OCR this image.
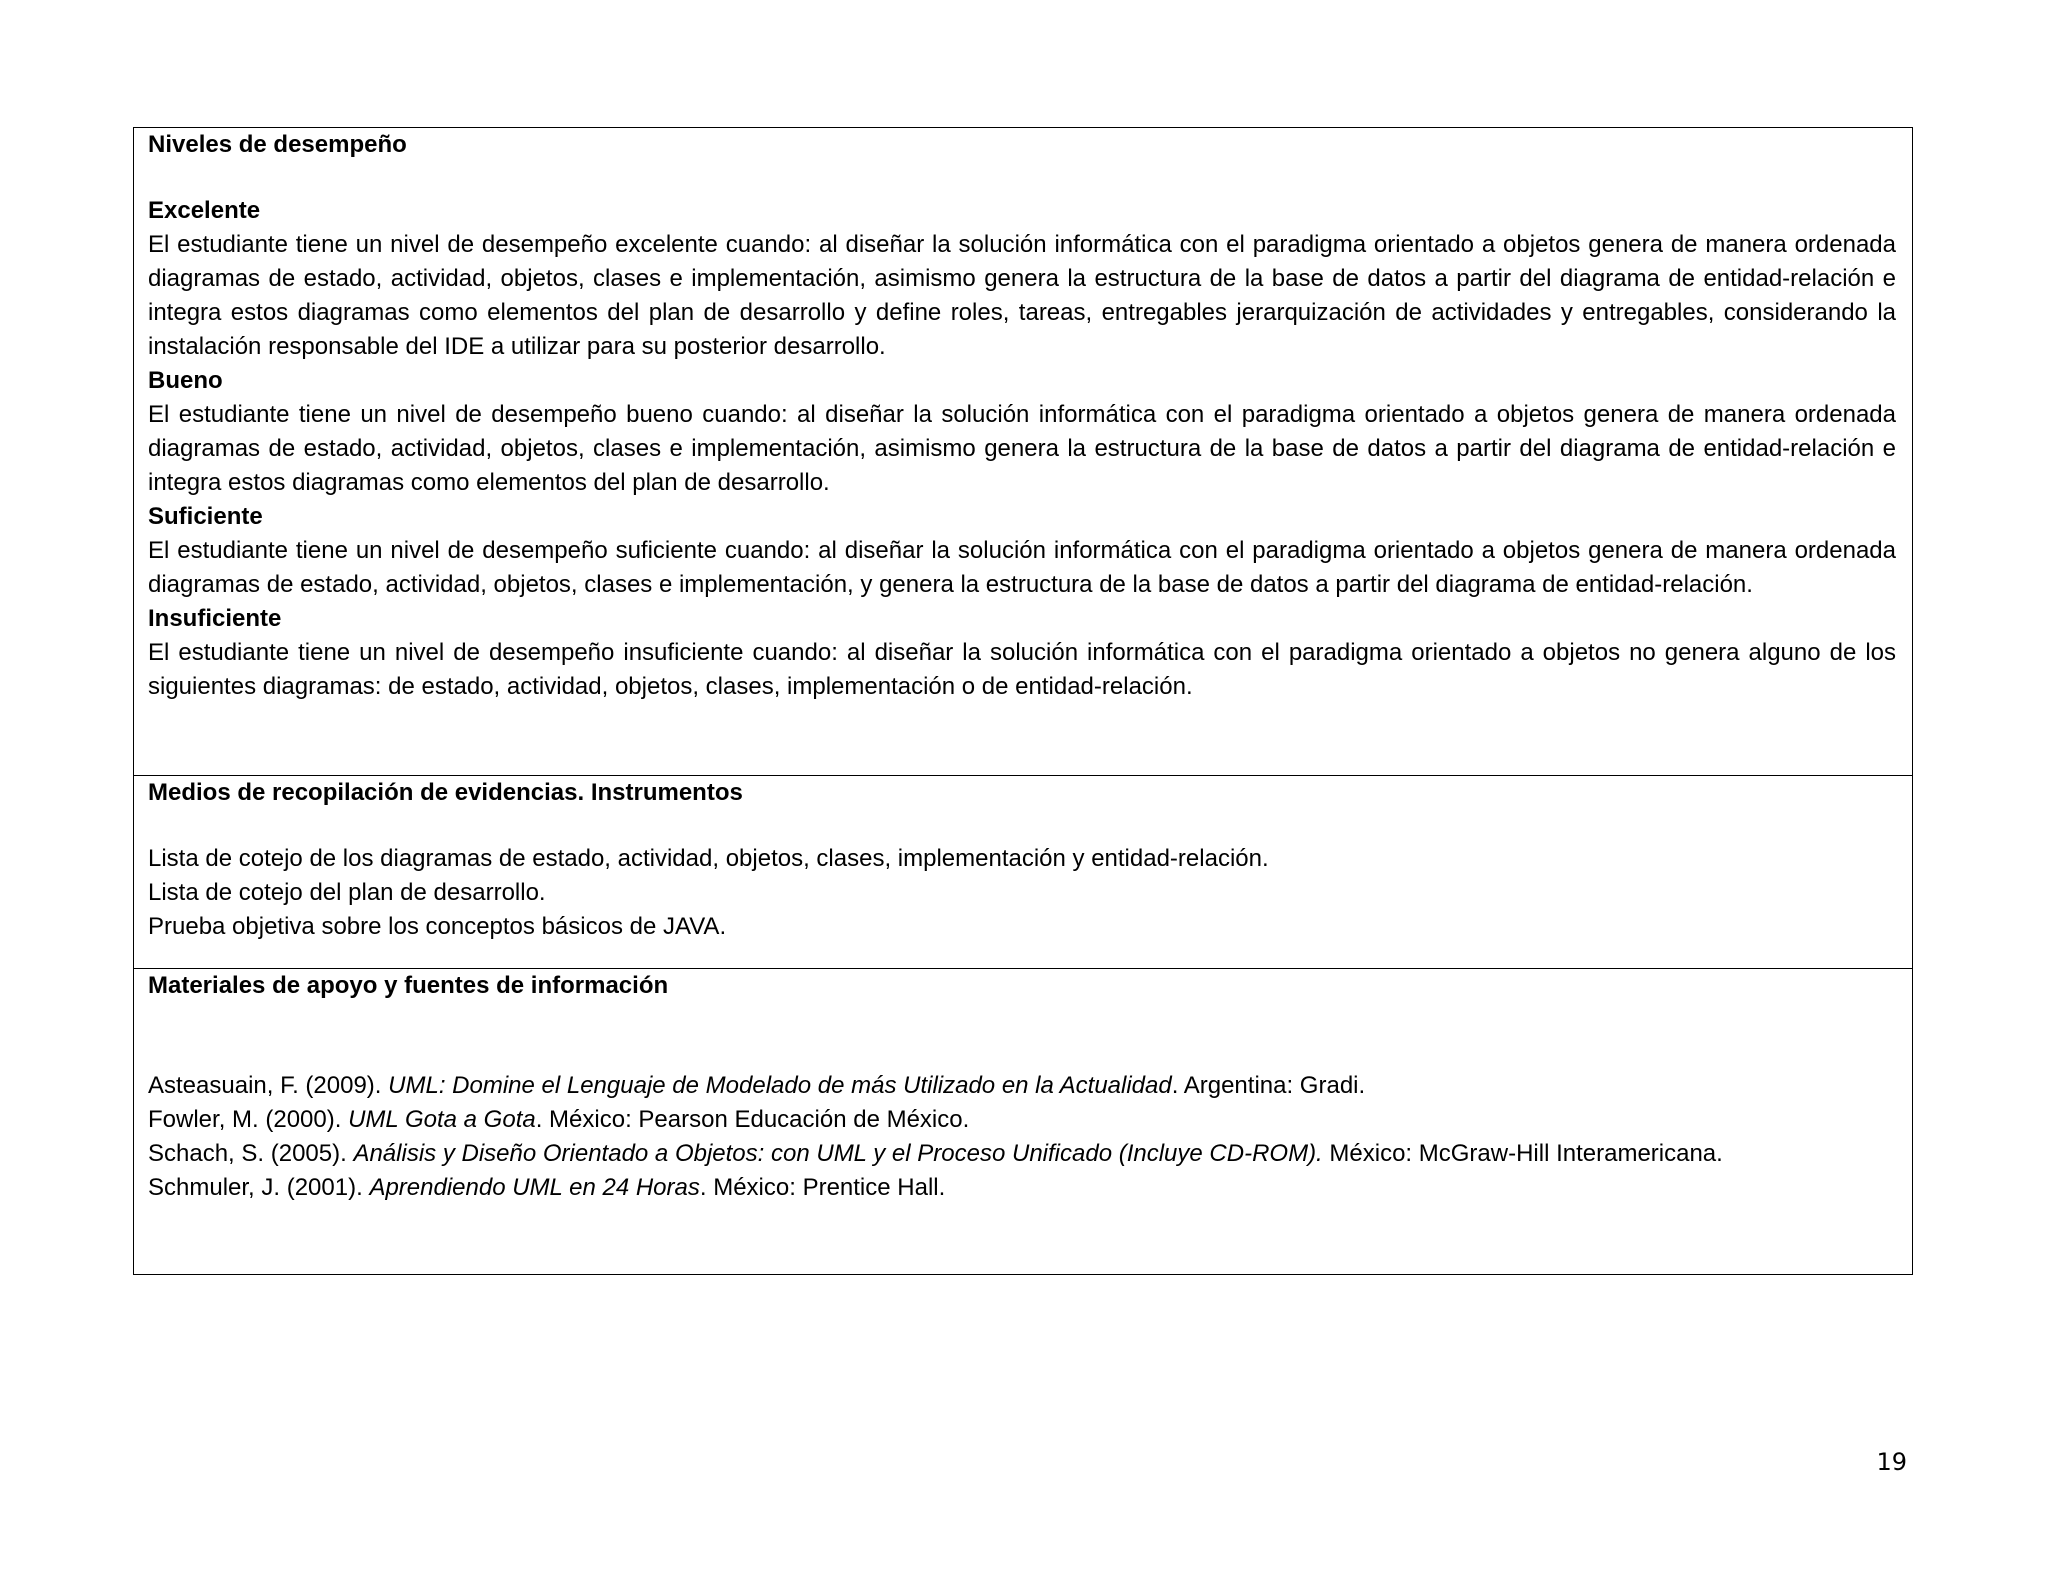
Niveles de desempeño
Excelente
El estudiante tiene un nivel de desempeño excelente cuando: al diseñar la solución informática con el paradigma orientado a objetos genera de manera ordenada diagramas de estado, actividad, objetos, clases e implementación, asimismo genera la estructura de la base de datos a partir del diagrama de entidad-relación e integra estos diagramas como elementos del plan de desarrollo y define roles, tareas, entregables jerarquización de actividades y entregables, considerando la instalación responsable del IDE a utilizar para su posterior desarrollo.
Bueno
El estudiante tiene un nivel de desempeño bueno cuando: al diseñar la solución informática con el paradigma orientado a objetos genera de manera ordenada diagramas de estado, actividad, objetos, clases e implementación, asimismo genera la estructura de la base de datos a partir del diagrama de entidad-relación e integra estos diagramas como elementos del plan de desarrollo.
Suficiente
El estudiante tiene un nivel de desempeño suficiente cuando: al diseñar la solución informática con el paradigma orientado a objetos genera de manera ordenada diagramas de estado, actividad, objetos, clases e implementación, y genera la estructura de la base de datos a partir del diagrama de entidad-relación.
Insuficiente
El estudiante tiene un nivel de desempeño insuficiente cuando: al diseñar la solución informática con el paradigma orientado a objetos no genera alguno de los siguientes diagramas: de estado, actividad, objetos, clases, implementación o de entidad-relación.
Medios de recopilación de evidencias. Instrumentos
Lista de cotejo de los diagramas de estado, actividad, objetos, clases, implementación y entidad-relación.
Lista de cotejo del plan de desarrollo.
Prueba objetiva sobre los conceptos básicos de JAVA.
Materiales de apoyo y fuentes de información
Asteasuain, F. (2009). UML: Domine el Lenguaje de Modelado de más Utilizado en la Actualidad. Argentina: Gradi.
Fowler, M. (2000). UML Gota a Gota. México: Pearson Educación de México.
Schach, S. (2005). Análisis y Diseño Orientado a Objetos: con UML y el Proceso Unificado (Incluye CD-ROM). México: McGraw-Hill Interamericana.
Schmuler, J. (2001). Aprendiendo UML en 24 Horas. México: Prentice Hall.
19
